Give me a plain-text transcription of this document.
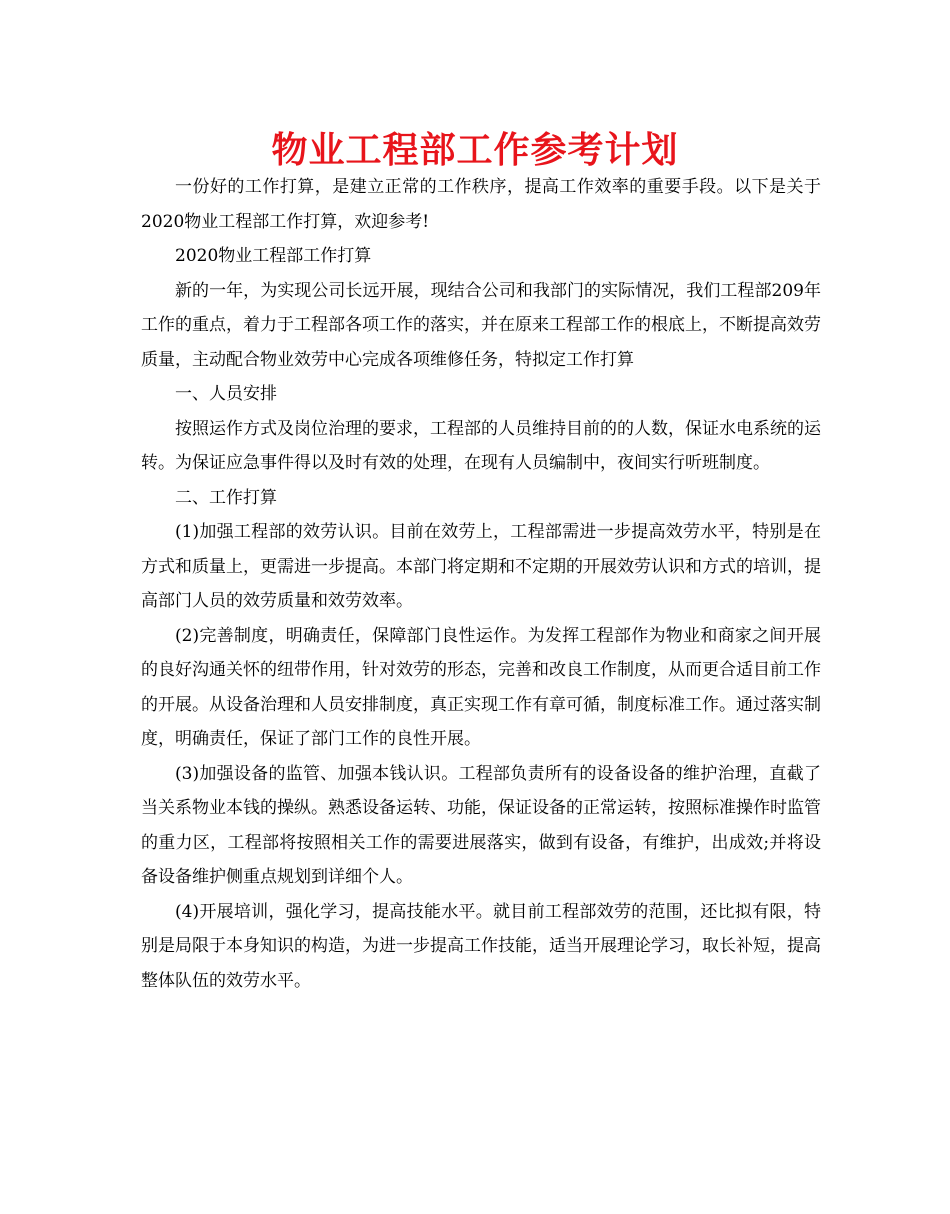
物业工程部工作参考计划

一份好的工作打算，是建立正常的工作秩序，提高工作效率的重要手段。以下是关于 2020物业工程部工作打算，欢迎参考!

2020物业工程部工作打算

新的一年，为实现公司长远开展，现结合公司和我部门的实际情况，我们工程部209年工作的重点，着力于工程部各项工作的落实，并在原来工程部工作的根底上，不断提高效劳质量，主动配合物业效劳中心完成各项维修任务，特拟定工作打算

一、人员安排

按照运作方式及岗位治理的要求，工程部的人员维持目前的的人数，保证水电系统的运转。为保证应急事件得以及时有效的处理，在现有人员编制中，夜间实行听班制度。

二、工作打算

(1)加强工程部的效劳认识。目前在效劳上，工程部需进一步提高效劳水平，特别是在方式和质量上，更需进一步提高。本部门将定期和不定期的开展效劳认识和方式的培训，提高部门人员的效劳质量和效劳效率。

(2)完善制度，明确责任，保障部门良性运作。为发挥工程部作为物业和商家之间开展的良好沟通关怀的纽带作用，针对效劳的形态，完善和改良工作制度，从而更合适目前工作的开展。从设备治理和人员安排制度，真正实现工作有章可循，制度标准工作。通过落实制度，明确责任，保证了部门工作的良性开展。

(3)加强设备的监管、加强本钱认识。工程部负责所有的设备设备的维护治理，直截了当关系物业本钱的操纵。熟悉设备运转、功能，保证设备的正常运转，按照标准操作时监管的重力区，工程部将按照相关工作的需要进展落实，做到有设备，有维护，出成效;并将设备设备维护侧重点规划到详细个人。

(4)开展培训，强化学习，提高技能水平。就目前工程部效劳的范围，还比拟有限，特别是局限于本身知识的构造，为进一步提高工作技能，适当开展理论学习，取长补短，提高整体队伍的效劳水平。
